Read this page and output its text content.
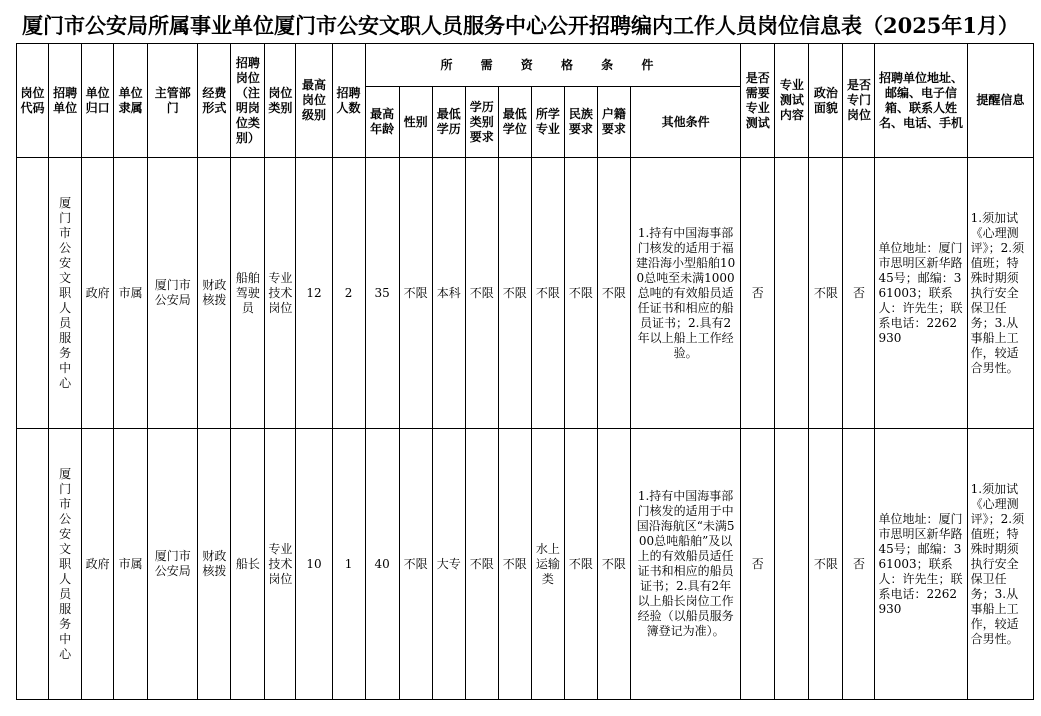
厦门市公安局所属事业单位厦门市公安文职人员服务中心公开招聘编内工作人员岗位信息表（2025年1月）
岗位代码	招聘单位	单位归口	单位隶属	主管部门	经费形式	招聘岗位（注明岗位类别）	岗位类别	最高岗位级别	招聘人数	所 需 资 格 条 件									是否需要专业测试	专业测试内容	政治面貌	是否专门岗位	招聘单位地址、邮编、电子信箱、联系人姓名、电话、手机	提醒信息
										最高年龄	性别	最低学历	学历类别要求	最低学位	所学专业	民族要求	户籍要求	其他条件						
	厦门市公安文职人员服务中心	政府	市属	厦门市公安局	财政核拨	船舶驾驶员	专业技术岗位	12	2	35	不限	本科	不限	不限	不限	不限	不限	1.持有中国海事部门核发的适用于福建沿海小型船舶100总吨至未满1000总吨的有效船员适任证书和相应的船员证书；2.具有2年以上船上工作经验。	否		不限	否	单位地址：厦门市思明区新华路45号；邮编：361003；联系人：许先生；联系电话：2262930	1.须加试《心理测评》；2.须值班；特殊时期须执行安全保卫任务；3.从事船上工作，较适合男性。
	厦门市公安文职人员服务中心	政府	市属	厦门市公安局	财政核拨	船长	专业技术岗位	10	1	40	不限	大专	不限	不限	水上运输类	不限	不限	1.持有中国海事部门核发的适用于中国沿海航区“未满500总吨船舶”及以上的有效船员适任证书和相应的船员证书；2.具有2年以上船长岗位工作经验（以船员服务簿登记为准）。	否		不限	否	单位地址：厦门市思明区新华路45号；邮编：361003；联系人：许先生；联系电话：2262930	1.须加试《心理测评》；2.须值班；特殊时期须执行安全保卫任务；3.从事船上工作，较适合男性。
